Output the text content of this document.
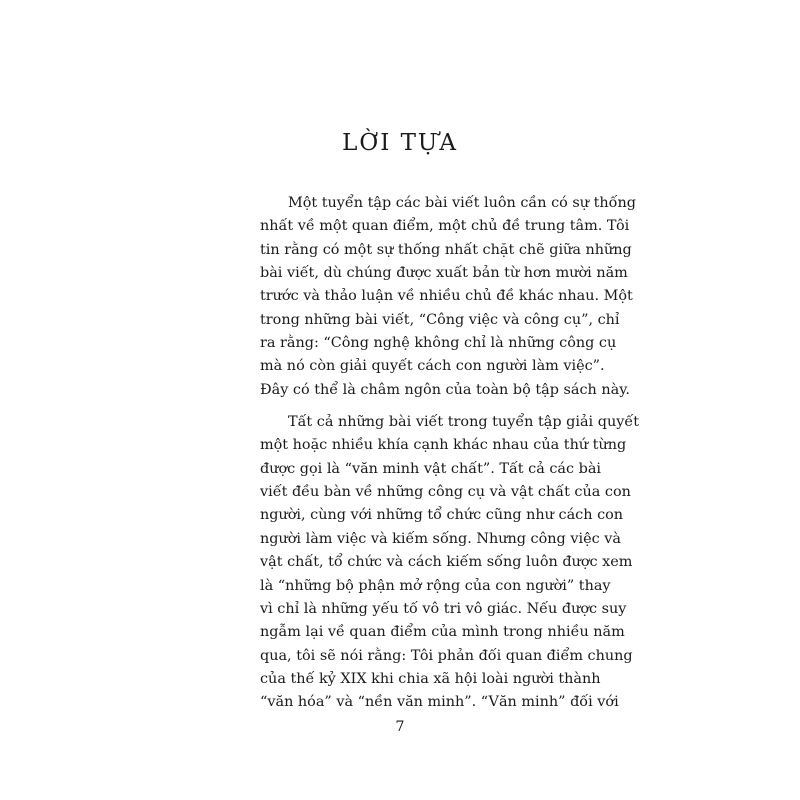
LỜI TỰA
Một tuyển tập các bài viết luôn cần có sự thống
nhất về một quan điểm, một chủ đề trung tâm. Tôi
tin rằng có một sự thống nhất chặt chẽ giữa những
bài viết, dù chúng được xuất bản từ hơn mười năm
trước và thảo luận về nhiều chủ đề khác nhau. Một
trong những bài viết, “Công việc và công cụ”, chỉ
ra rằng: “Công nghệ không chỉ là những công cụ
mà nó còn giải quyết cách con người làm việc”.
Đây có thể là châm ngôn của toàn bộ tập sách này.
Tất cả những bài viết trong tuyển tập giải quyết
một hoặc nhiều khía cạnh khác nhau của thứ từng
được gọi là “văn minh vật chất”. Tất cả các bài
viết đều bàn về những công cụ và vật chất của con
người, cùng với những tổ chức cũng như cách con
người làm việc và kiếm sống. Nhưng công việc và
vật chất, tổ chức và cách kiếm sống luôn được xem
là “những bộ phận mở rộng của con người” thay
vì chỉ là những yếu tố vô tri vô giác. Nếu được suy
ngẫm lại về quan điểm của mình trong nhiều năm
qua, tôi sẽ nói rằng: Tôi phản đối quan điểm chung
của thế kỷ XIX khi chia xã hội loài người thành
“văn hóa” và “nền văn minh”. “Văn minh” đối với
7
